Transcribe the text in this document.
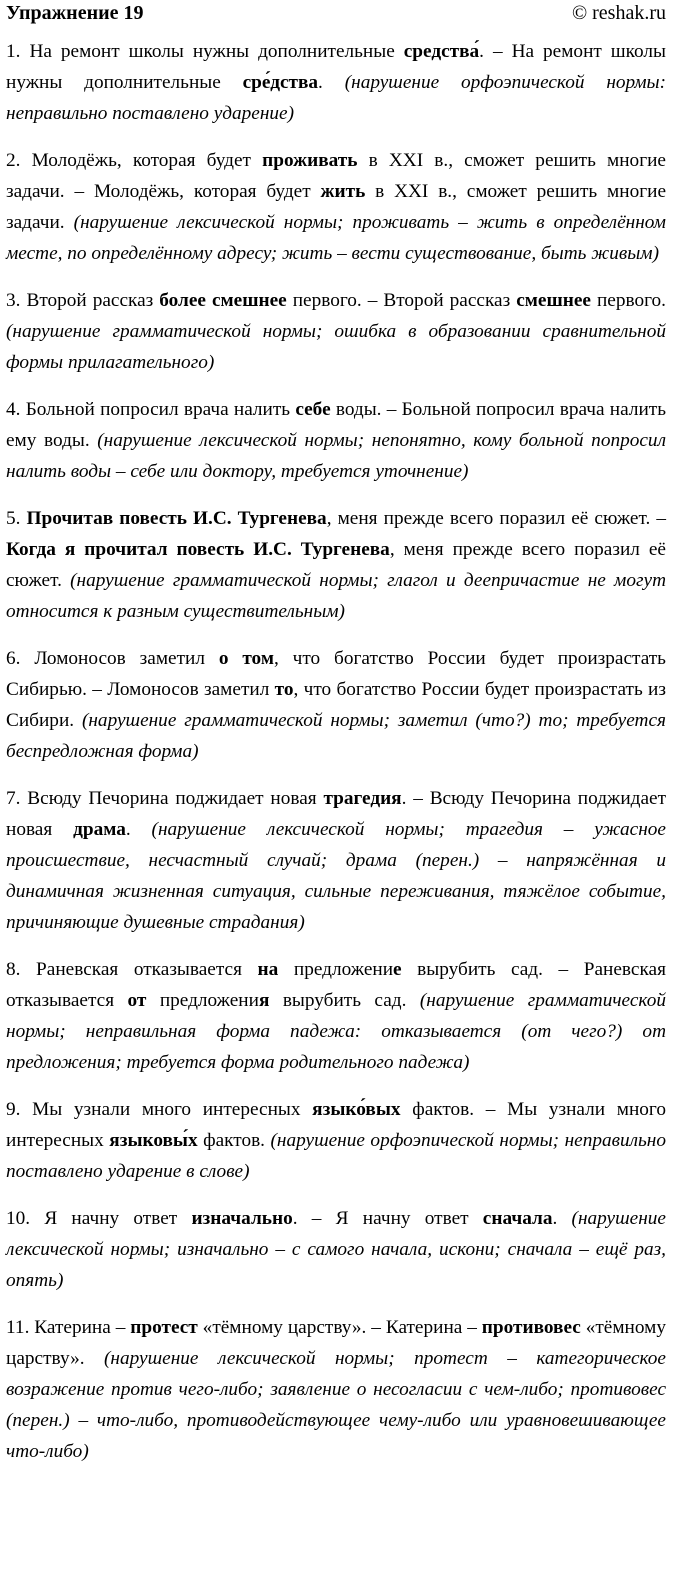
Упражнение 19	© reshak.ru
1. На ремонт школы нужны дополнительные средства́. – На ремонт школы нужны дополнительные сре́дства. (нарушение орфоэпической нормы: неправильно поставлено ударение)
2. Молодёжь, которая будет проживать в XXI в., сможет решить многие задачи. – Молодёжь, которая будет жить в XXI в., сможет решить многие задачи. (нарушение лексической нормы; проживать – жить в определённом месте, по определённому адресу; жить – вести существование, быть живым)
3. Второй рассказ более смешнее первого. – Второй рассказ смешнее первого. (нарушение грамматической нормы; ошибка в образовании сравнительной формы прилагательного)
4. Больной попросил врача налить себе воды. – Больной попросил врача налить ему воды. (нарушение лексической нормы; непонятно, кому больной попросил налить воды – себе или доктору, требуется уточнение)
5. Прочитав повесть И.С. Тургенева, меня прежде всего поразил её сюжет. – Когда я прочитал повесть И.С. Тургенева, меня прежде всего поразил её сюжет. (нарушение грамматической нормы; глагол и деепричастие не могут относится к разным существительным)
6. Ломоносов заметил о том, что богатство России будет произрастать Сибирью. – Ломоносов заметил то, что богатство России будет произрастать из Сибири. (нарушение грамматической нормы; заметил (что?) то; требуется беспредложная форма)
7. Всюду Печорина поджидает новая трагедия. – Всюду Печорина поджидает новая драма. (нарушение лексической нормы; трагедия – ужасное происшествие, несчастный случай; драма (перен.) – напряжённая и динамичная жизненная ситуация, сильные переживания, тяжёлое событие, причиняющие душевные страдания)
8. Раневская отказывается на предложение вырубить сад. – Раневская отказывается от предложения вырубить сад. (нарушение грамматической нормы; неправильная форма падежа: отказывается (от чего?) от предложения; требуется форма родительного падежа)
9. Мы узнали много интересных языко́вых фактов. – Мы узнали много интересных языковы́х фактов. (нарушение орфоэпической нормы; неправильно поставлено ударение в слове)
10. Я начну ответ изначально. – Я начну ответ сначала. (нарушение лексической нормы; изначально – с самого начала, искони; сначала – ещё раз, опять)
11. Катерина – протест «тёмному царству». – Катерина – противовес «тёмному царству». (нарушение лексической нормы; протест – категорическое возражение против чего-либо; заявление о несогласии с чем-либо; противовес (перен.) – что-либо, противодействующее чему-либо или уравновешивающее что-либо)
